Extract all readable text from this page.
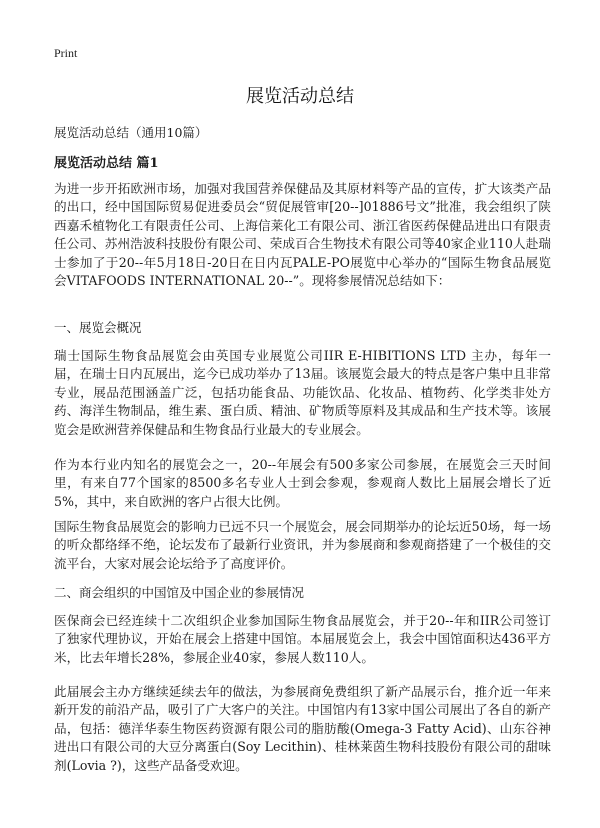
Print
展览活动总结
展览活动总结（通用10篇）
展览活动总结 篇1

为进一步开拓欧洲市场，加强对我国营养保健品及其原材料等产品的宣传，扩大该类产品的出口，经中国国际贸易促进委员会“贸促展管审[20--]01886号文”批准，我会组织了陕西嘉禾植物化工有限责任公司、上海信莱化工有限公司、浙江省医药保健品进出口有限责任公司、苏州浩波科技股份有限公司、荣成百合生物技术有限公司等40家企业110人赴瑞士参加了于20--年5月18日-20日在日内瓦PALE-PO展览中心举办的“国际生物食品展览会VITAFOODS INTERNATIONAL 20--”。现将参展情况总结如下：

一、展览会概况

瑞士国际生物食品展览会由英国专业展览公司IIR E-HIBITIONS LTD 主办，每年一届，在瑞士日内瓦展出，迄今已成功举办了13届。该展览会最大的特点是客户集中且非常专业，展品范围涵盖广泛，包括功能食品、功能饮品、化妆品、植物药、化学类非处方药、海洋生物制品，维生素、蛋白质、精油、矿物质等原料及其成品和生产技术等。该展览会是欧洲营养保健品和生物食品行业最大的专业展会。

作为本行业内知名的展览会之一，20--年展会有500多家公司参展，在展览会三天时间里，有来自77个国家的8500多名专业人士到会参观，参观商人数比上届展会增长了近5%，其中，来自欧洲的客户占很大比例。

国际生物食品展览会的影响力已远不只一个展览会，展会同期举办的论坛近50场，每一场的听众都络绎不绝，论坛发布了最新行业资讯，并为参展商和参观商搭建了一个极佳的交流平台，大家对展会论坛给予了高度评价。

二、商会组织的中国馆及中国企业的参展情况

医保商会已经连续十二次组织企业参加国际生物食品展览会，并于20--年和IIR公司签订了独家代理协议，开始在展会上搭建中国馆。本届展览会上，我会中国馆面积达436平方米，比去年增长28%，参展企业40家，参展人数110人。

此届展会主办方继续延续去年的做法，为参展商免费组织了新产品展示台，推介近一年来新开发的前沿产品，吸引了广大客户的关注。中国馆内有13家中国公司展出了各自的新产品，包括：德洋华泰生物医药资源有限公司的脂肪酸(Omega-3 Fatty Acid)、山东谷神进出口有限公司的大豆分离蛋白(Soy Lecithin)、桂林莱茵生物科技股份有限公司的甜味剂(Lovia ?)，这些产品备受欢迎。
